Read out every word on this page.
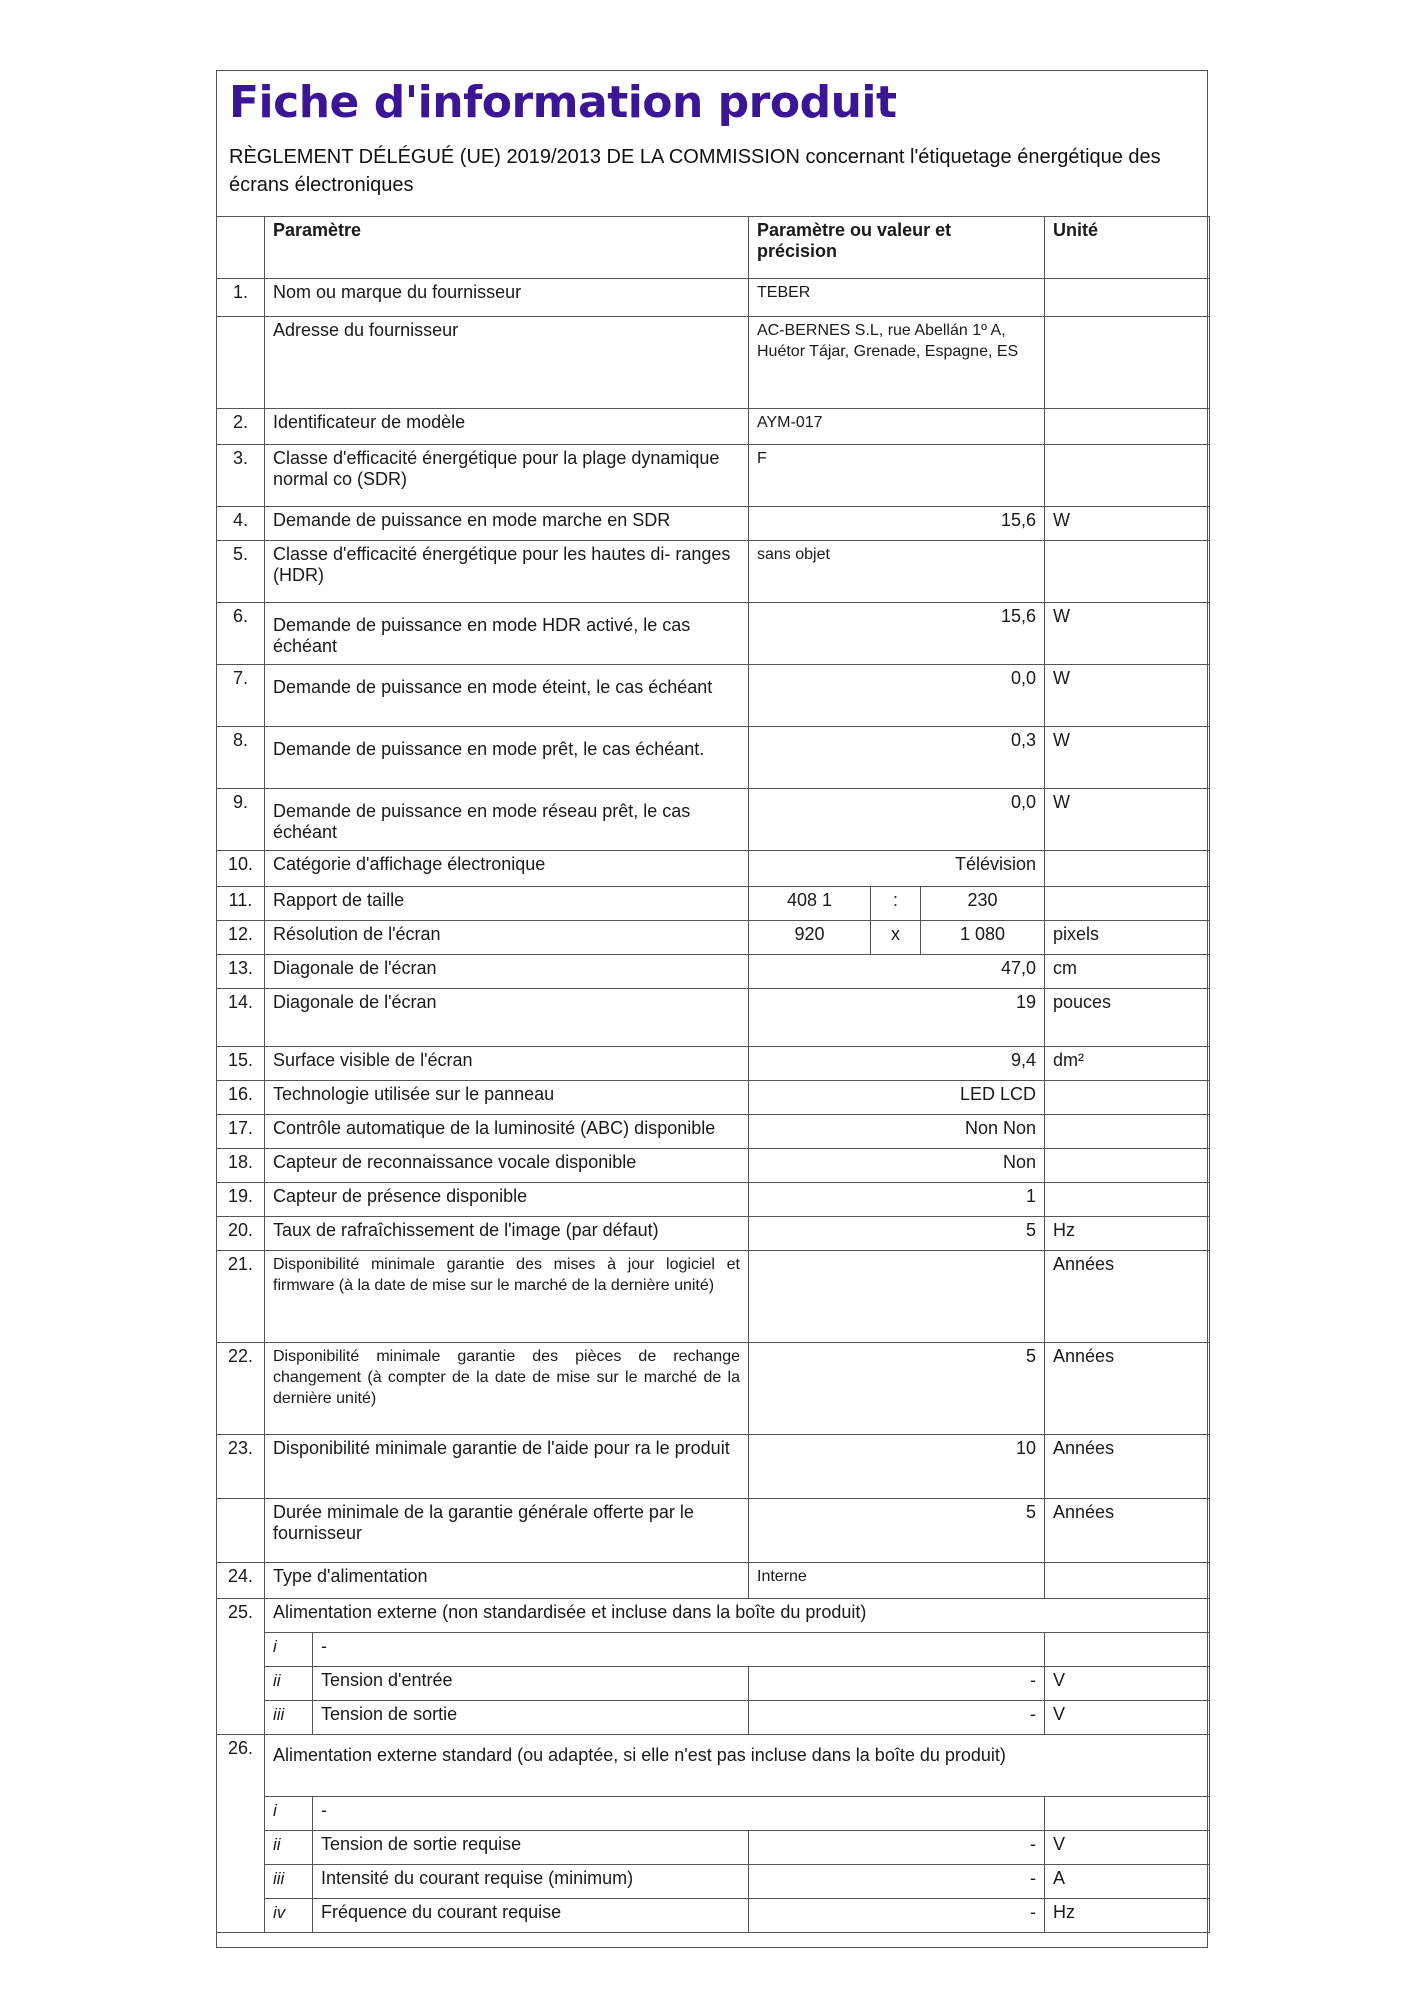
Fiche d'information produit
RÈGLEMENT DÉLÉGUÉ (UE) 2019/2013 DE LA COMMISSION concernant l'étiquetage énergétique des écrans électroniques
	Paramètre		Paramètre ou valeur et précision			Unité
1.	Nom ou marque du fournisseur		TEBER			
	Adresse du fournisseur		AC-BERNES S.L, rue Abellán 1º A, Huétor Tájar, Grenade, Espagne, ES			
2.	Identificateur de modèle		AYM-017			
3.	Classe d'efficacité énergétique pour la plage dynamique normal co (SDR)		F			
4.	Demande de puissance en mode marche en SDR		15,6			W
5.	Classe d'efficacité énergétique pour les hautes di- ranges (HDR)		sans objet			
6.	Demande de puissance en mode HDR activé, le cas échéant		15,6			W
7.	Demande de puissance en mode éteint, le cas échéant		0,0			W
8.	Demande de puissance en mode prêt, le cas échéant.		0,3			W
9.	Demande de puissance en mode réseau prêt, le cas échéant		0,0			W
10.	Catégorie d'affichage électronique		Télévision			
11.	Rapport de taille		408 1	:	230	
12.	Résolution de l'écran		920	x	1 080	pixels
13.	Diagonale de l'écran		47,0			cm
14.	Diagonale de l'écran		19			pouces
15.	Surface visible de l'écran		9,4			dm²
16.	Technologie utilisée sur le panneau		LED LCD			
17.	Contrôle automatique de la luminosité (ABC) disponible		Non Non			
18.	Capteur de reconnaissance vocale disponible		Non			
19.	Capteur de présence disponible		1			
20.	Taux de rafraîchissement de l'image (par défaut)		5			Hz
21.	Disponibilité minimale garantie des mises à jour logiciel et firmware (à la date de mise sur le marché de la dernière unité)					Années
22.	Disponibilité minimale garantie des pièces de rechange changement (à compter de la date de mise sur le marché de la dernière unité)		5			Années
23.	Disponibilité minimale garantie de l'aide pour ra le produit		10			Années
	Durée minimale de la garantie générale offerte par le fournisseur		5			Années
24.	Type d'alimentation		Interne			
25.	Alimentation externe (non standardisée et incluse dans la boîte du produit)					
	i	-				
	ii	Tension d'entrée	-			V
	iii	Tension de sortie	-			V
26.	Alimentation externe standard (ou adaptée, si elle n'est pas incluse dans la boîte du produit)					
	i	-				
	ii	Tension de sortie requise	-			V
	iii	Intensité du courant requise (minimum)	-			A
	iv	Fréquence du courant requise	-			Hz
